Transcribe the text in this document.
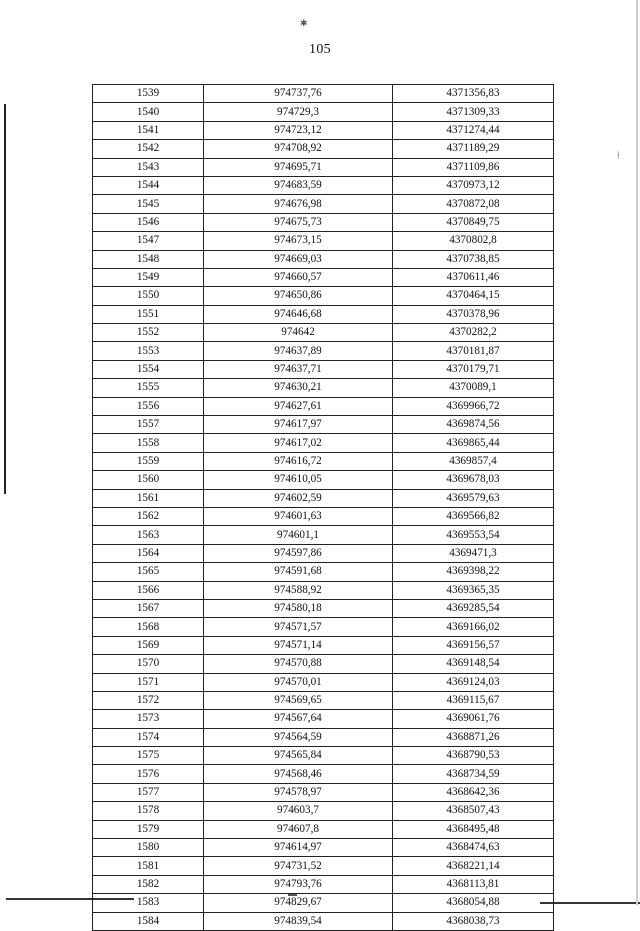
✱
⁞
▬
105
1539	974737,76	4371356,83
1540	974729,3	4371309,33
1541	974723,12	4371274,44
1542	974708,92	4371189,29
1543	974695,71	4371109,86
1544	974683,59	4370973,12
1545	974676,98	4370872,08
1546	974675,73	4370849,75
1547	974673,15	4370802,8
1548	974669,03	4370738,85
1549	974660,57	4370611,46
1550	974650,86	4370464,15
1551	974646,68	4370378,96
1552	974642	4370282,2
1553	974637,89	4370181,87
1554	974637,71	4370179,71
1555	974630,21	4370089,1
1556	974627,61	4369966,72
1557	974617,97	4369874,56
1558	974617,02	4369865,44
1559	974616,72	4369857,4
1560	974610,05	4369678,03
1561	974602,59	4369579,63
1562	974601,63	4369566,82
1563	974601,1	4369553,54
1564	974597,86	4369471,3
1565	974591,68	4369398,22
1566	974588,92	4369365,35
1567	974580,18	4369285,54
1568	974571,57	4369166,02
1569	974571,14	4369156,57
1570	974570,88	4369148,54
1571	974570,01	4369124,03
1572	974569,65	4369115,67
1573	974567,64	4369061,76
1574	974564,59	4368871,26
1575	974565,84	4368790,53
1576	974568,46	4368734,59
1577	974578,97	4368642,36
1578	974603,7	4368507,43
1579	974607,8	4368495,48
1580	974614,97	4368474,63
1581	974731,52	4368221,14
1582	974793,76	4368113,81
1583	974829,67	4368054,88
1584	974839,54	4368038,73
